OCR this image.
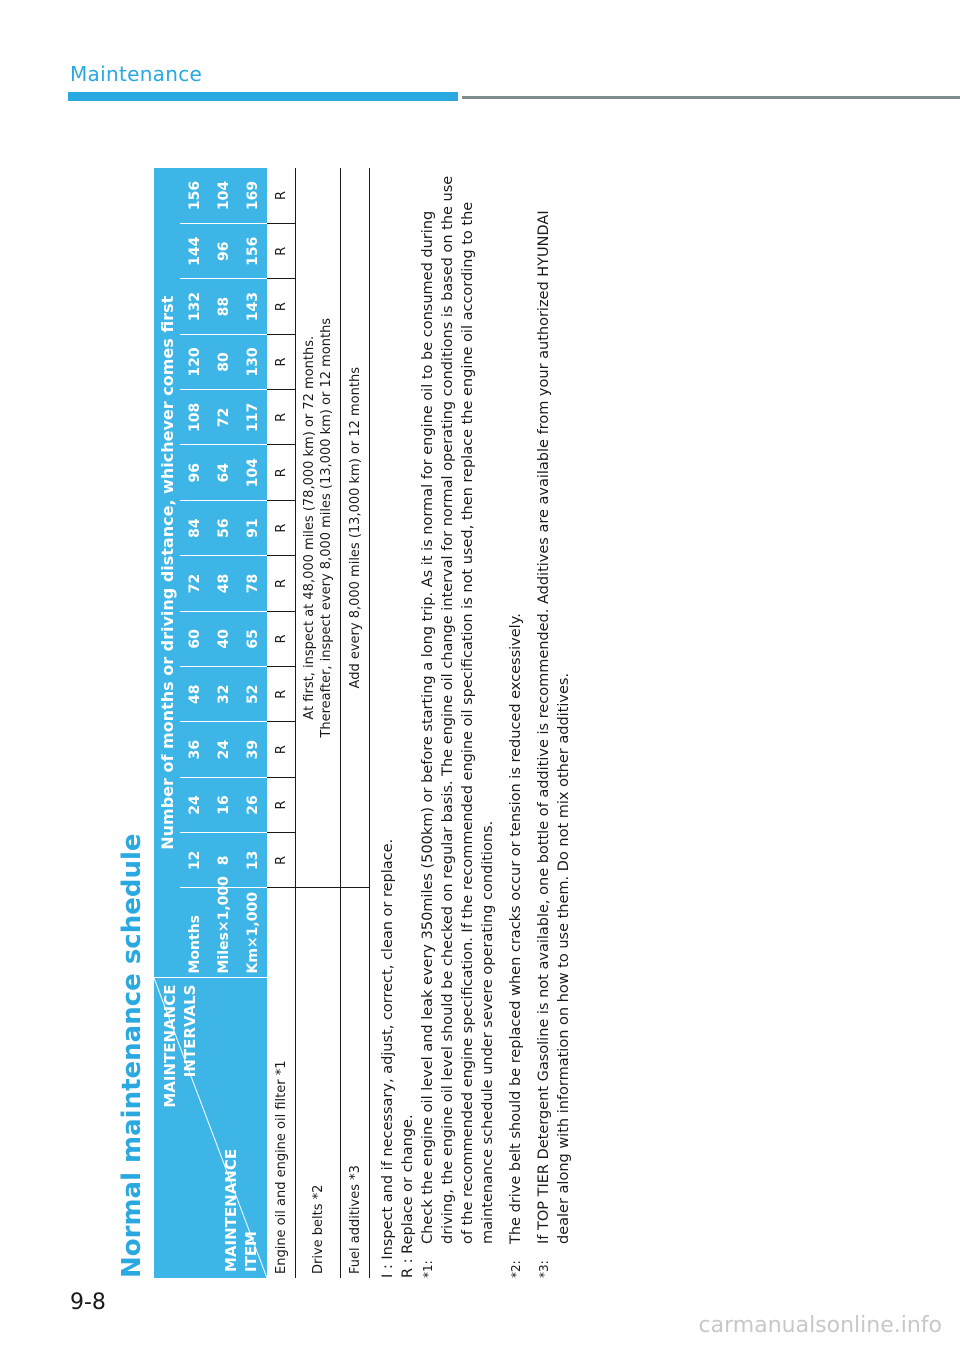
Maintenance
Normal maintenance schedule MAINTENANCE INTERVALS
MAINTENANCE ITEM	Number of months or driving distance, whichever comes first													
	Months	12	24	36	48	60	72	84	96	108	120	132	144	156
	Miles×1,000	8	16	24	32	40	48	56	64	72	80	88	96	104
	Km×1,000	13	26	39	52	65	78	91	104	117	130	143	156	169
Engine oil and engine oil filter *1		R	R	R	R	R	R	R	R	R	R	R	R	R
Drive belts *2		At first, inspect at 48,000 miles (78,000 km) or 72 months. Thereafter, inspect every 8,000 miles (13,000 km) or 12 months												

Fuel additives *3		Add every 8,000 miles (13,000 km) or 12 months												

I : Inspect and if necessary, adjust, correct, clean or replace. R : Replace or change. *1:
Check the engine oil level and leak every 350miles (500km) or before starting a long trip. As it is normal for engine oil to be consumed during driving, the engine oil level should be checked on regular basis. The engine oil change interval for normal operating conditions is based on the use of the recommended engine specification. If the recommended engine oil specification is not used, then replace the engine oil according to the maintenance schedule under severe operating conditions.
*2:
The drive belt should be replaced when cracks occur or tension is reduced excessively.
*3:
If TOP TIER Detergent Gasoline is not available, one bottle of additive is recommended. Additives are available from your authorized HYUNDAI dealer along with information on how to use them. Do not mix other additives.
9-8
carmanualsonline.info
